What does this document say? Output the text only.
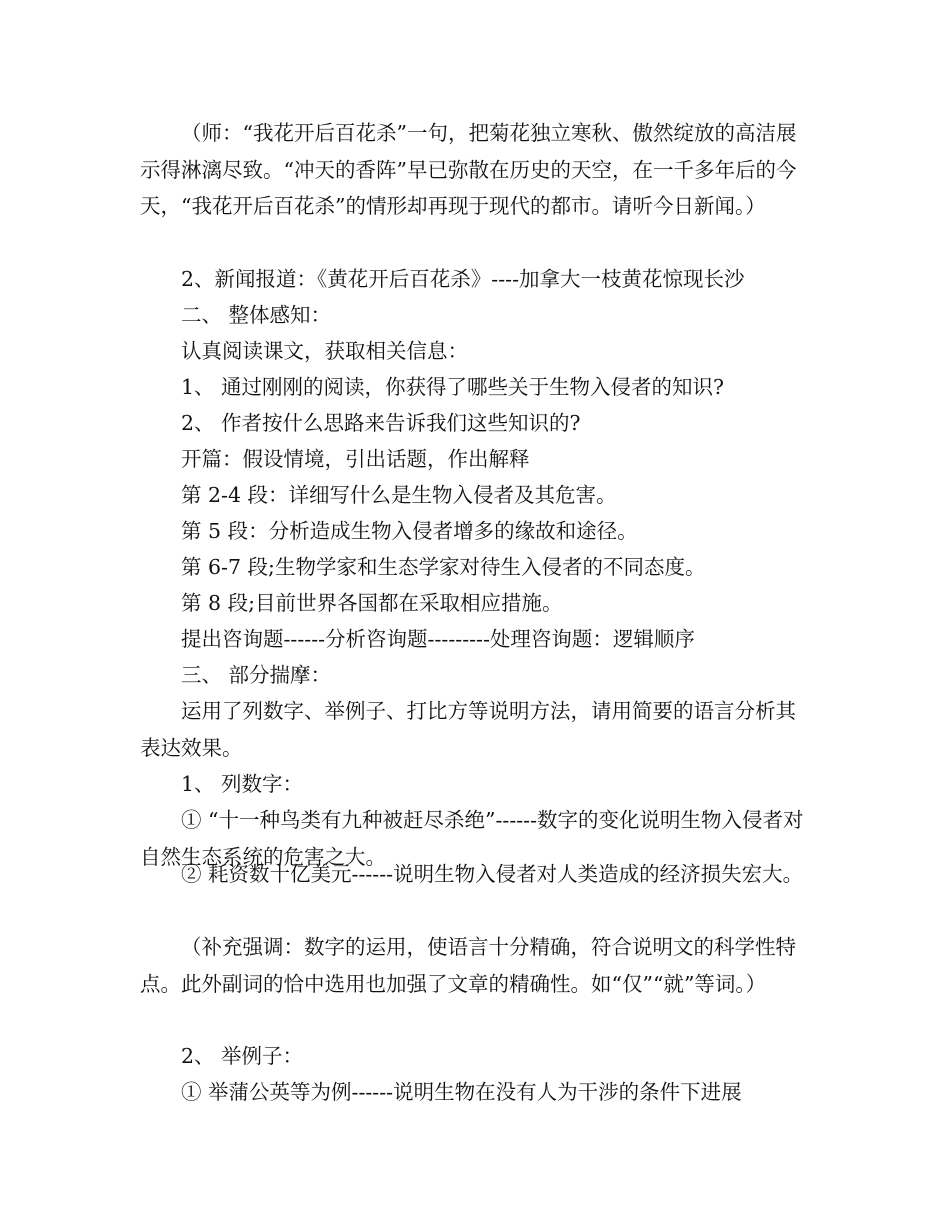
（师：“我花开后百花杀”一句，把菊花独立寒秋、傲然绽放的高洁展示得淋漓尽致。“冲天的香阵”早已弥散在历史的天空，在一千多年后的今天，“我花开后百花杀”的情形却再现于现代的都市。请听今日新闻。）

2、新闻报道：《黄花开后百花杀》----加拿大一枝黄花惊现长沙
二、 整体感知：
认真阅读课文，获取相关信息：
1、 通过刚刚的阅读，你获得了哪些关于生物入侵者的知识?
2、 作者按什么思路来告诉我们这些知识的?
开篇：假设情境，引出话题，作出解释
第 2-4 段：详细写什么是生物入侵者及其危害。
第 5 段：分析造成生物入侵者增多的缘故和途径。
第 6-7 段;生物学家和生态学家对待生入侵者的不同态度。
第 8 段;目前世界各国都在采取相应措施。
提出咨询题------分析咨询题---------处理咨询题：逻辑顺序
三、 部分揣摩：

运用了列数字、举例子、打比方等说明方法，请用简要的语言分析其表达效果。

1、 列数字：

① “十一种鸟类有九种被赶尽杀绝”------数字的变化说明生物入侵者对自然生态系统的危害之大。

② 耗资数十亿美元------说明生物入侵者对人类造成的经济损失宏大。

（补充强调：数字的运用，使语言十分精确，符合说明文的科学性特点。此外副词的恰中选用也加强了文章的精确性。如“仅”“就”等词。）

2、 举例子：

① 举蒲公英等为例------说明生物在没有人为干涉的条件下进展
